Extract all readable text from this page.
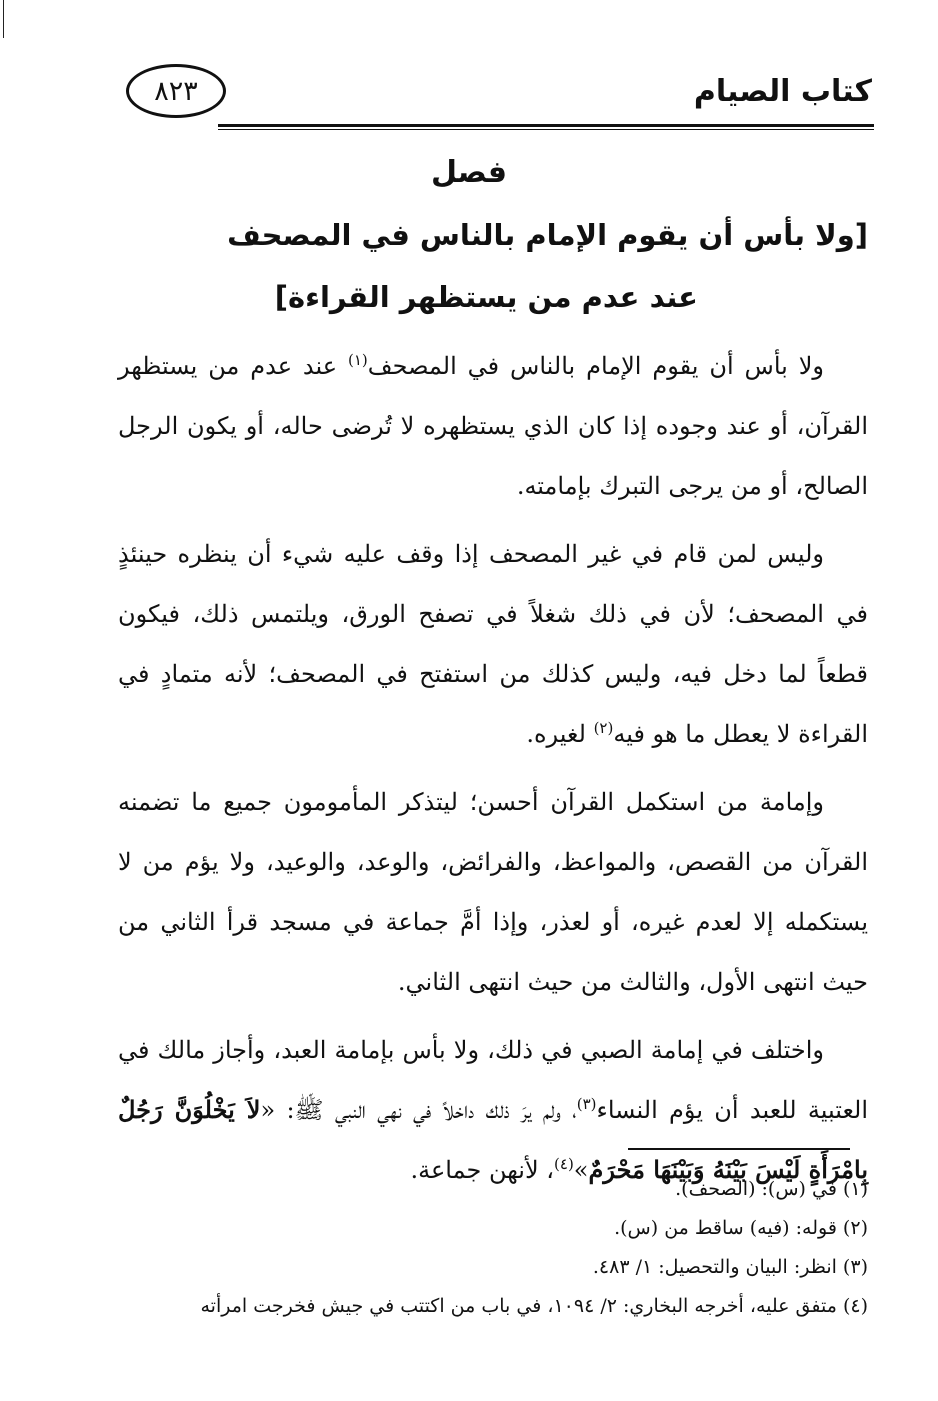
٨٢٣	كتاب الصيام
فصل
[ولا بأس أن يقوم الإمام بالناس في المصحف
عند عدم من يستظهر القراءة]

ولا بأس أن يقوم الإمام بالناس في المصحف$^{(١)}$ عند عدم من يستظهر القرآن، أو عند وجوده إذا كان الذي يستظهره لا تُرضى حاله، أو يكون الرجل الصالح، أو من يرجى التبرك بإمامته.

وليس لمن قام في غير المصحف إذا وقف عليه شيء أن ينظره حينئذٍ في المصحف؛ لأن في ذلك شغلاً في تصفح الورق، ويلتمس ذلك، فيكون قطعاً لما دخل فيه، وليس كذلك من استفتح في المصحف؛ لأنه متمادٍ في القراءة لا يعطل ما هو فيه$^{(٢)}$ لغيره.

وإمامة من استكمل القرآن أحسن؛ ليتذكر المأمومون جميع ما تضمنه القرآن من القصص، والمواعظ، والفرائض، والوعد، والوعيد، ولا يؤم من لا يستكمله إلا لعدم غيره، أو لعذر، وإذا أمَّ جماعة في مسجد قرأ الثاني من حيث انتهى الأول، والثالث من حيث انتهى الثاني.

واختلف في إمامة الصبي في ذلك، ولا بأس بإمامة العبد، وأجاز مالك في العتبية للعبد أن يؤم النساء$^{(٣)}$، ولم يرَ ذلك داخلاً في نهي النبي ﷺ: «لاَ يَخْلُوَنَّ رَجُلٌ بِامْرَأَةٍ لَيْسَ بَيْنَهُ وَبَيْنَهَا مَحْرَمٌ»$^{(٤)}$، لأنهن جماعة.

(١) في (س): (الصحف).

(٢) قوله: (فيه) ساقط من (س).

(٣) انظر: البيان والتحصيل: ١/ ٤٨٣.

(٤) متفق عليه، أخرجه البخاري: ٢/ ١٠٩٤، في باب من اكتتب في جيش فخرجت امرأته
